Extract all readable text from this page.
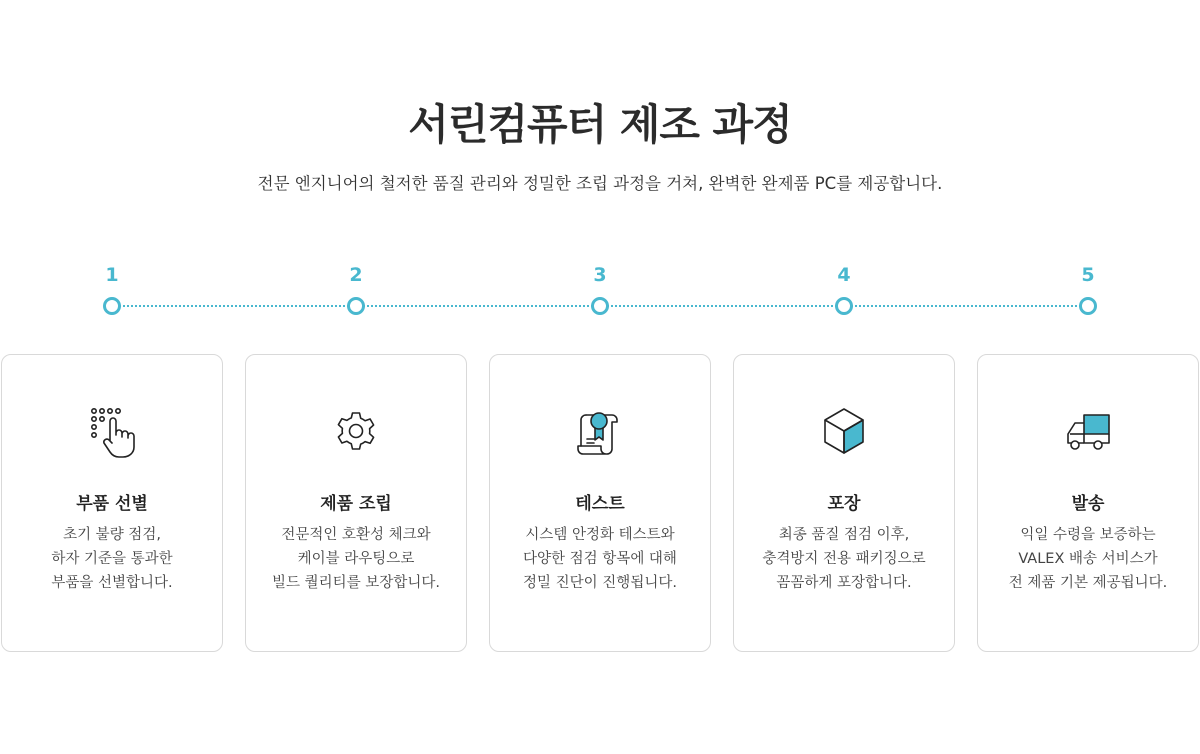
서린컴퓨터 제조 과정
전문 엔지니어의 철저한 품질 관리와 정밀한 조립 과정을 거쳐, 완벽한 완제품 PC를 제공합니다.
1	2	3	4	5
부품 선별
초기 불량 점검,
하자 기준을 통과한
부품을 선별합니다.
제품 조립
전문적인 호환성 체크와
케이블 라우팅으로
빌드 퀄리티를 보장합니다.
테스트
시스템 안정화 테스트와
다양한 점검 항목에 대해
정밀 진단이 진행됩니다.
포장
최종 품질 점검 이후,
충격방지 전용 패키징으로
꼼꼼하게 포장합니다.
발송
익일 수령을 보증하는
VALEX 배송 서비스가
전 제품 기본 제공됩니다.
